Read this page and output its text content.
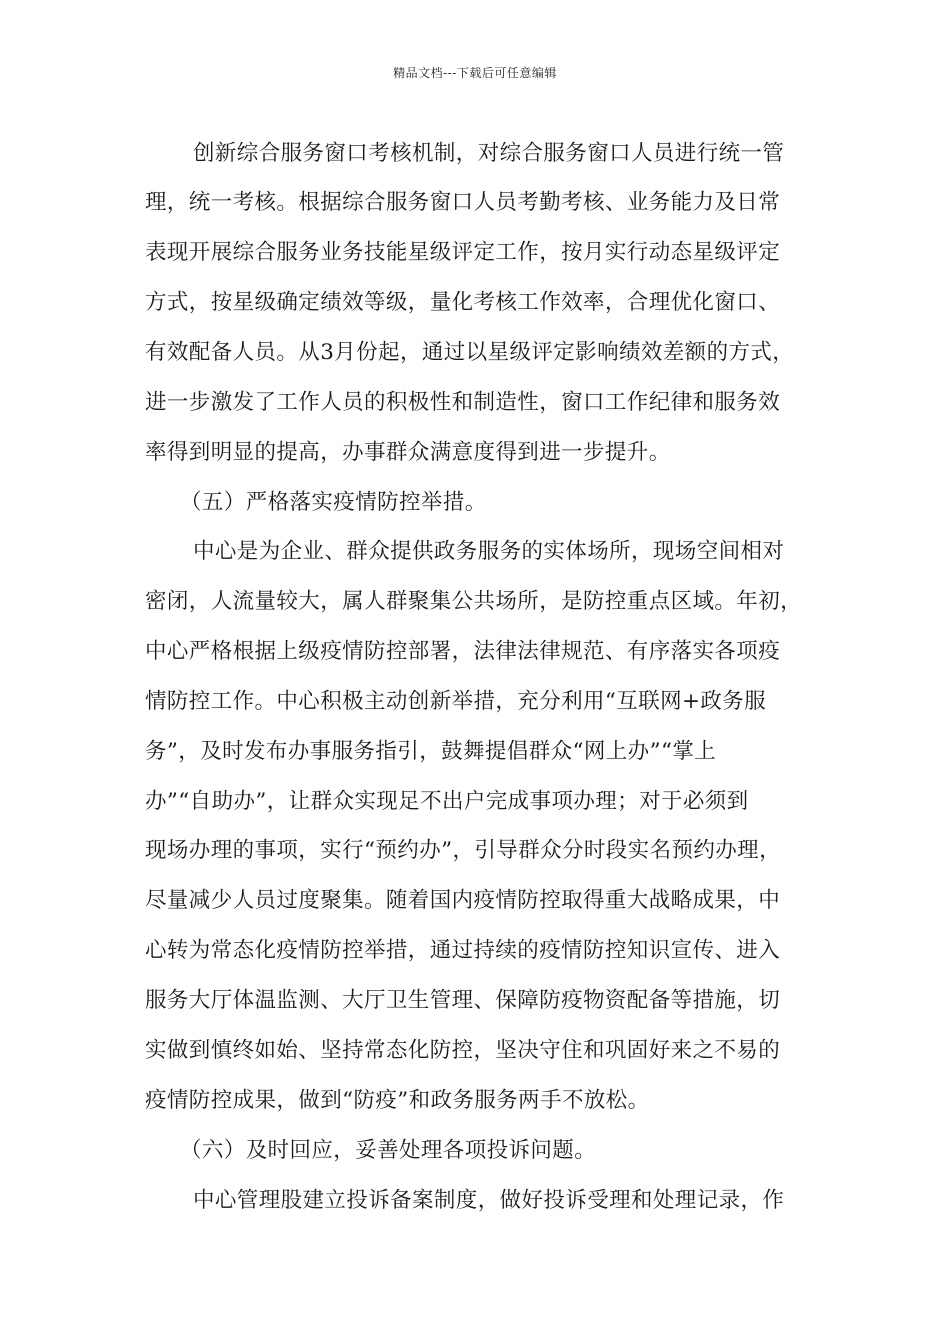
精品文档---下载后可任意编辑
创新综合服务窗口考核机制，对综合服务窗口人员进行统一管
理，统一考核。根据综合服务窗口人员考勤考核、业务能力及日常
表现开展综合服务业务技能星级评定工作，按月实行动态星级评定
方式，按星级确定绩效等级，量化考核工作效率，合理优化窗口、
有效配备人员。从3月份起，通过以星级评定影响绩效差额的方式，
进一步激发了工作人员的积极性和制造性，窗口工作纪律和服务效
率得到明显的提高，办事群众满意度得到进一步提升。
（五）严格落实疫情防控举措。
中心是为企业、群众提供政务服务的实体场所，现场空间相对
密闭，人流量较大，属人群聚集公共场所，是防控重点区域。年初，
中心严格根据上级疫情防控部署，法律法律规范、有序落实各项疫
情防控工作。中心积极主动创新举措，充分利用“互联网+政务服
务”，及时发布办事服务指引，鼓舞提倡群众“网上办”“掌上
办”“自助办”，让群众实现足不出户完成事项办理；对于必须到
现场办理的事项，实行“预约办”，引导群众分时段实名预约办理，
尽量减少人员过度聚集。随着国内疫情防控取得重大战略成果，中
心转为常态化疫情防控举措，通过持续的疫情防控知识宣传、进入
服务大厅体温监测、大厅卫生管理、保障防疫物资配备等措施，切
实做到慎终如始、坚持常态化防控，坚决守住和巩固好来之不易的
疫情防控成果，做到“防疫”和政务服务两手不放松。
（六）及时回应，妥善处理各项投诉问题。
中心管理股建立投诉备案制度，做好投诉受理和处理记录，作
